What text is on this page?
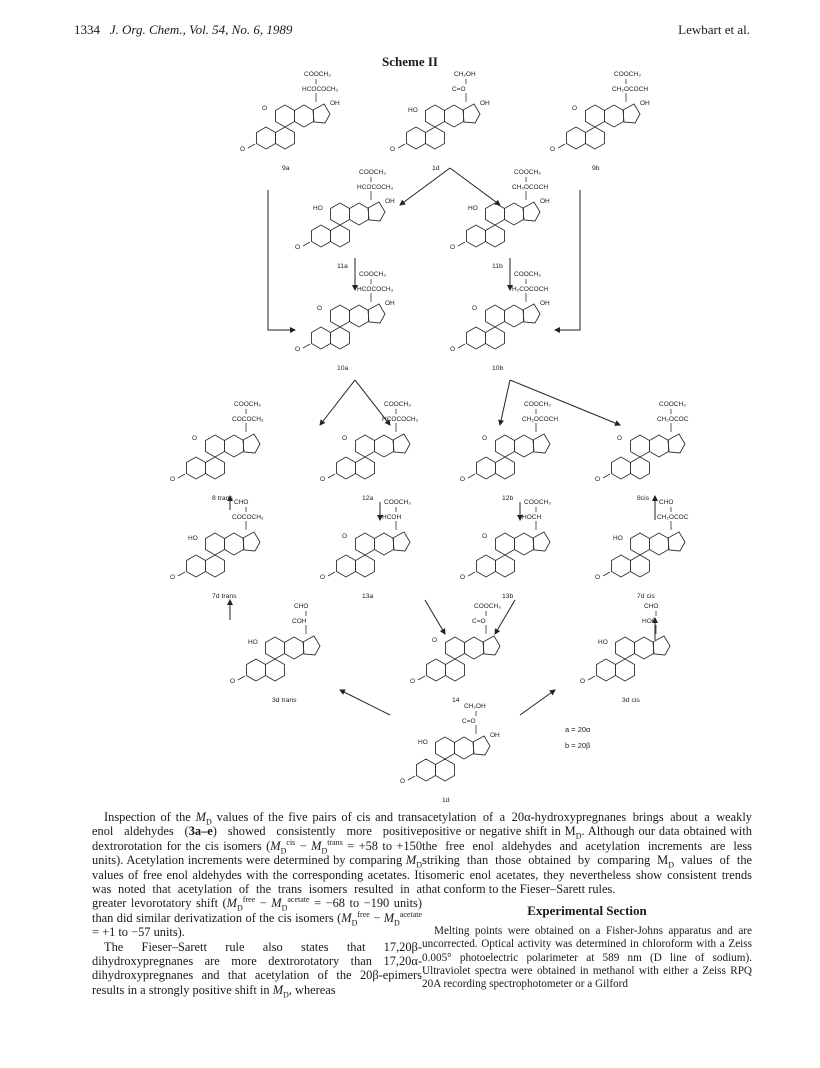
1334 J. Org. Chem., Vol. 54, No. 6, 1989	Lewbart et al.
Scheme II
COOCH₃
HCOCOCH₃
O
O
OH
9a
CH₂OH
C=O
O
HO
OH
1d
COOCH₃
CH₂OCOCH
O
O
OH
9b
COOCH₃
HCOCOCH₃
O
HO
OH
11a
COOCH₃
CH₂OCOCH
O
HO
OH
11b
COOCH₃
HCOCOCH₃
O
O
OH
10a
COOCH₃
H₂COCOCH
O
O
OH
10b
COOCH₃
COCOCH₃
O
O
8 trans
COOCH₃
HCOCOCH₃
O
O
12a
COOCH₃
CH₂OCOCH
O
O
12b
COOCH₃
CH₂OCOC
O
O
8cis
CHO
COCOCH₃
O
HO
7d trans
COOCH₃
HCOH
O
O
13a
COOCH₃
HOCH
O
O
13b
CHO
CH₂OCOC
O
HO
7d cis
CHO
COH
O
HO
3d trans
COOCH₃
C=O
O
O
14
CHO
HOC
O
HO
3d cis
CH₂OH
C=O
O
HO
OH
1d
a = 20α
b = 20β

Inspection of the $M_D$ values of the five pairs of cis and trans enol aldehydes (3a–e) showed consistently more positive dextrorotation for the cis isomers ($M_D^{cis} - M_D^{trans} = +58$ to +150 units). Acetylation increments were determined by comparing $M_D$ values of free enol aldehydes with the corresponding acetates. It was noted that acetylation of the trans isomers resulted in a greater levorotatory shift ($M_D^{free} - M_D^{acetate} = -68$ to −190 units) than did similar derivatization of the cis isomers ($M_D^{free} - M_D^{acetate} = +1$ to −57 units).

The Fieser–Sarett rule also states that 17,20β-dihydroxypregnanes are more dextrorotatory than 17,20α-dihydroxypregnanes and that acetylation of the 20β-epimers results in a strongly positive shift in $M_D$, whereas

acetylation of a 20α-hydroxypregnanes brings about a weakly positive or negative shift in $M_D$. Although our data obtained with the free enol aldehydes and acetylation increments are less striking than those obtained by comparing $M_D$ values of the isomeric enol acetates, they nevertheless show consistent trends that conform to the Fieser–Sarett rules.

Experimental Section

Melting points were obtained on a Fisher-Johns apparatus and are uncorrected. Optical activity was determined in chloroform with a Zeiss 0.005° photoelectric polarimeter at 589 nm (D line of sodium). Ultraviolet spectra were obtained in methanol with either a Zeiss RPQ 20A recording spectrophotometer or a Gilford
